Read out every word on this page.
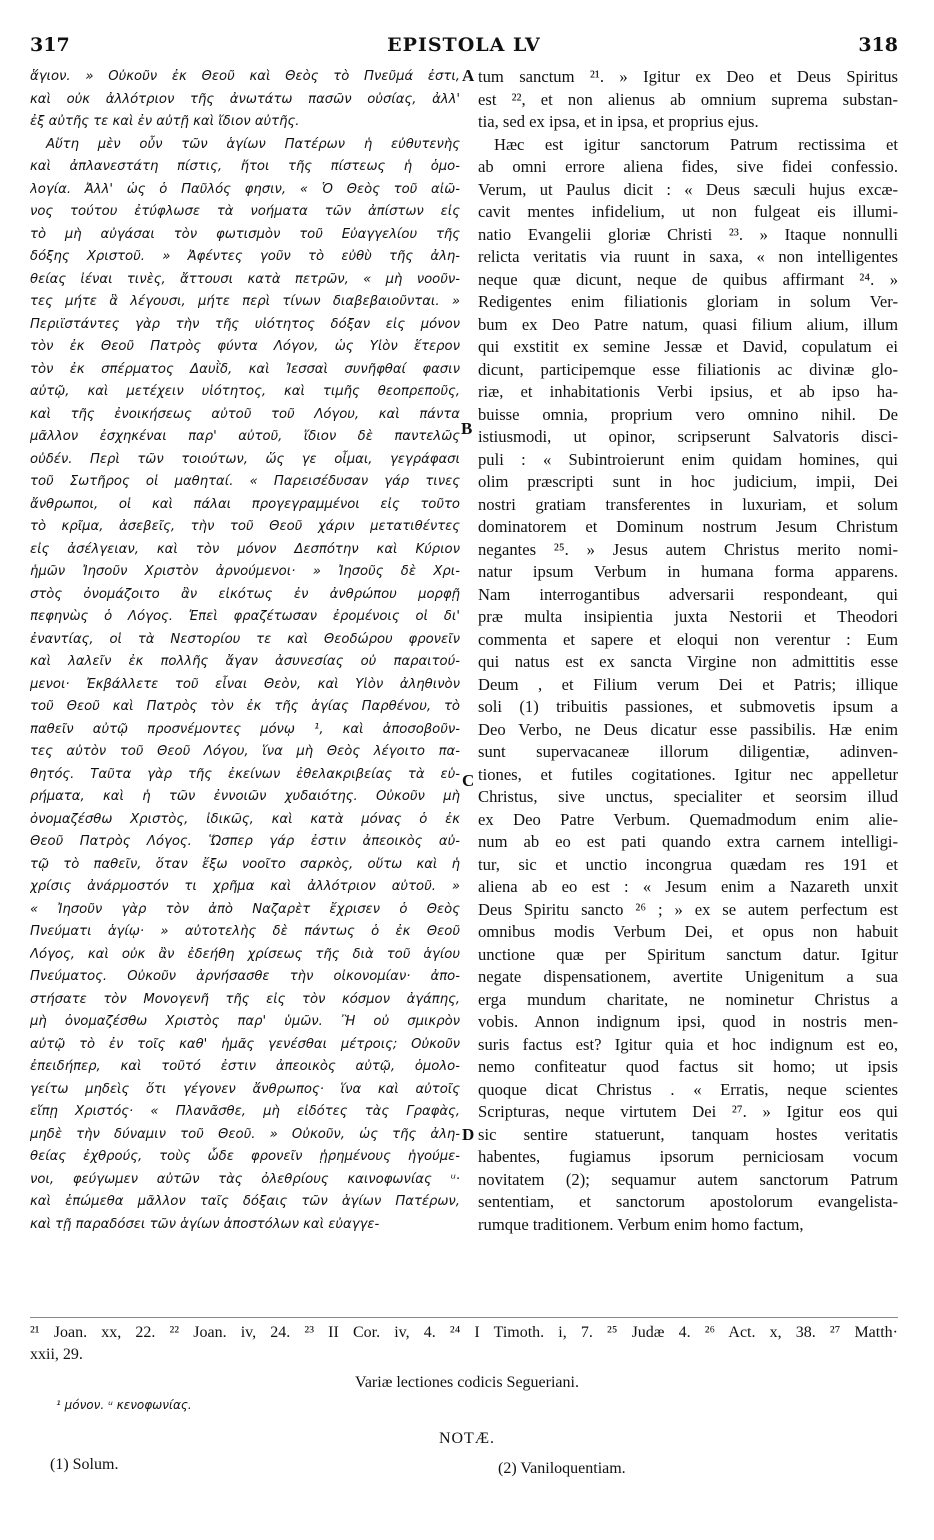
EPISTOLA LV
317	318
ἅγιον. » Οὐκοῦν ἐκ Θεοῦ καὶ Θεὸς τὸ Πνεῦμά ἐστι,
καὶ οὐκ ἀλλότριον τῆς ἀνωτάτω πασῶν οὐσίας, ἀλλ'
ἐξ αὐτῆς τε καὶ ἐν αὐτῇ καὶ ἴδιον αὐτῆς.
Αὕτη μὲν οὖν τῶν ἁγίων Πατέρων ἡ εὐθυτενὴς
καὶ ἀπλανεστάτη πίστις, ἤτοι τῆς πίστεως ἡ ὁμο-
λογία. Ἀλλ' ὡς ὁ Παῦλός φησιν, « Ὁ Θεὸς τοῦ αἰῶ-
νος τούτου ἐτύφλωσε τὰ νοήματα τῶν ἀπίστων εἰς
τὸ μὴ αὐγάσαι τὸν φωτισμὸν τοῦ Εὐαγγελίου τῆς
δόξης Χριστοῦ. » Ἀφέντες γοῦν τὸ εὐθὺ τῆς ἀλη-
θείας ἰέναι τινὲς, ἄττουσι κατὰ πετρῶν, « μὴ νοοῦν-
τες μήτε ἃ λέγουσι, μήτε περὶ τίνων διαβεβαιοῦνται. »
Περιϊστάντες γὰρ τὴν τῆς υἱότητος δόξαν εἰς μόνον
τὸν ἐκ Θεοῦ Πατρὸς φύντα Λόγον, ὡς Υἱὸν ἕτερον
τὸν ἐκ σπέρματος Δαυῒδ, καὶ Ἰεσσαὶ συνῆφθαί φασιν
αὐτῷ, καὶ μετέχειν υἱότητος, καὶ τιμῆς θεοπρεποῦς,
καὶ τῆς ἐνοικήσεως αὐτοῦ τοῦ Λόγου, καὶ πάντα
μᾶλλον ἐσχηκέναι παρ' αὐτοῦ, ἴδιον δὲ παντελῶς
οὐδέν. Περὶ τῶν τοιούτων, ὥς γε οἶμαι, γεγράφασι
τοῦ Σωτῆρος οἱ μαθηταί. « Παρεισέδυσαν γάρ τινες
ἄνθρωποι, οἱ καὶ πάλαι προγεγραμμένοι εἰς τοῦτο
τὸ κρῖμα, ἀσεβεῖς, τὴν τοῦ Θεοῦ χάριν μετατιθέντες
εἰς ἀσέλγειαν, καὶ τὸν μόνον Δεσπότην καὶ Κύριον
ἡμῶν Ἰησοῦν Χριστὸν ἀρνούμενοι· » Ἰησοῦς δὲ Χρι-
στὸς ὀνομάζοιτο ἂν εἰκότως ἐν ἀνθρώπου μορφῇ
πεφηνὼς ὁ Λόγος. Ἐπεὶ φραζέτωσαν ἐρομένοις οἱ δι'
ἐναντίας, οἱ τὰ Νεστορίου τε καὶ Θεοδώρου φρονεῖν
καὶ λαλεῖν ἐκ πολλῆς ἄγαν ἀσυνεσίας οὐ παραιτού-
μενοι· Ἐκβάλλετε τοῦ εἶναι Θεὸν, καὶ Υἱὸν ἀληθινὸν
τοῦ Θεοῦ καὶ Πατρὸς τὸν ἐκ τῆς ἁγίας Παρθένου, τὸ
παθεῖν αὐτῷ προσνέμοντες μόνῳ ¹, καὶ ἀποσοβοῦν-
τες αὐτὸν τοῦ Θεοῦ Λόγου, ἵνα μὴ Θεὸς λέγοιτο πα-
θητός. Ταῦτα γὰρ τῆς ἐκείνων ἐθελακριβείας τὰ εὑ-
ρήματα, καὶ ἡ τῶν ἐννοιῶν χυδαιότης. Οὐκοῦν μὴ
ὀνομαζέσθω Χριστὸς, ἰδικῶς, καὶ κατὰ μόνας ὁ ἐκ
Θεοῦ Πατρὸς Λόγος. Ὥσπερ γάρ ἐστιν ἀπεοικὸς αὐ-
τῷ τὸ παθεῖν, ὅταν ἔξω νοοῖτο σαρκὸς, οὕτω καὶ ἡ
χρίσις ἀνάρμοστόν τι χρῆμα καὶ ἀλλότριον αὐτοῦ. »
« Ἰησοῦν γὰρ τὸν ἀπὸ Ναζαρὲτ ἔχρισεν ὁ Θεὸς
Πνεύματι ἁγίῳ· » αὐτοτελὴς δὲ πάντως ὁ ἐκ Θεοῦ
Λόγος, καὶ οὐκ ἂν ἐδεήθη χρίσεως τῆς διὰ τοῦ ἁγίου
Πνεύματος. Οὐκοῦν ἀρνήσασθε τὴν οἰκονομίαν· ἀπο-
στήσατε τὸν Μονογενῆ τῆς εἰς τὸν κόσμον ἀγάπης,
μὴ ὀνομαζέσθω Χριστὸς παρ' ὑμῶν. Ἢ οὐ σμικρὸν
αὐτῷ τὸ ἐν τοῖς καθ' ἡμᾶς γενέσθαι μέτροις; Οὐκοῦν
ἐπειδήπερ, καὶ τοῦτό ἐστιν ἀπεοικὸς αὐτῷ, ὁμολο-
γείτω μηδεὶς ὅτι γέγονεν ἄνθρωπος· ἵνα καὶ αὐτοῖς
εἴπῃ Χριστός· « Πλανᾶσθε, μὴ εἰδότες τὰς Γραφὰς,
μηδὲ τὴν δύναμιν τοῦ Θεοῦ. » Οὐκοῦν, ὡς τῆς ἀλη-
θείας ἐχθρούς, τοὺς ὧδε φρονεῖν ᾑρημένους ἡγούμε-
νοι, φεύγωμεν αὐτῶν τὰς ὀλεθρίους καινοφωνίας ᵘ·
καὶ ἑπώμεθα μᾶλλον ταῖς δόξαις τῶν ἁγίων Πατέρων,
καὶ τῇ παραδόσει τῶν ἁγίων ἀποστόλων καὶ εὐαγγε-
tum sanctum ²¹. » Igitur ex Deo et Deus Spiritus
est ²², et non alienus ab omnium suprema substan-
tia, sed ex ipsa, et in ipsa, et proprius ejus.
Hæc est igitur sanctorum Patrum rectissima et
ab omni errore aliena fides, sive fidei confessio.
Verum, ut Paulus dicit : « Deus sæculi hujus excæ-
cavit mentes infidelium, ut non fulgeat eis illumi-
natio Evangelii gloriæ Christi ²³. » Itaque nonnulli
relicta veritatis via ruunt in saxa, « non intelligentes
neque quæ dicunt, neque de quibus affirmant ²⁴. »
Redigentes enim filiationis gloriam in solum Ver-
bum ex Deo Patre natum, quasi filium alium, illum
qui exstitit ex semine Jessæ et David, copulatum ei
dicunt, participemque esse filiationis ac divinæ glo-
riæ, et inhabitationis Verbi ipsius, et ab ipso ha-
buisse omnia, proprium vero omnino nihil. De
istiusmodi, ut opinor, scripserunt Salvatoris disci-
puli : « Subintroierunt enim quidam homines, qui
olim præscripti sunt in hoc judicium, impii, Dei
nostri gratiam transferentes in luxuriam, et solum
dominatorem et Dominum nostrum Jesum Christum
negantes ²⁵. » Jesus autem Christus merito nomi-
natur ipsum Verbum in humana forma apparens.
Nam interrogantibus adversarii respondeant, qui
præ multa insipientia juxta Nestorii et Theodori
commenta et sapere et eloqui non verentur : Eum
qui natus est ex sancta Virgine non admittitis esse
Deum , et Filium verum Dei et Patris; illique
soli (1) tribuitis passiones, et submovetis ipsum a
Deo Verbo, ne Deus dicatur esse passibilis. Hæ enim
sunt supervacaneæ illorum diligentiæ, adinven-
tiones, et futiles cogitationes. Igitur nec appelletur
Christus, sive unctus, specialiter et seorsim illud
ex Deo Patre Verbum. Quemadmodum enim alie-
num ab eo est pati quando extra carnem intelligi-
tur, sic et unctio incongrua quædam res 191 et
aliena ab eo est : « Jesum enim a Nazareth unxit
Deus Spiritu sancto ²⁶ ; » ex se autem perfectum est
omnibus modis Verbum Dei, et opus non habuit
unctione quæ per Spiritum sanctum datur. Igitur
negate dispensationem, avertite Unigenitum a sua
erga mundum charitate, ne nominetur Christus a
vobis. Annon indignum ipsi, quod in nostris men-
suris factus est? Igitur quia et hoc indignum est eo,
nemo confiteatur quod factus sit homo; ut ipsis
quoque dicat Christus . « Erratis, neque scientes
Scripturas, neque virtutem Dei ²⁷. » Igitur eos qui
sic sentire statuerunt, tanquam hostes veritatis
habentes, fugiamus ipsorum perniciosam vocum
novitatem (2); sequamur autem sanctorum Patrum
sententiam, et sanctorum apostolorum evangelista-
rumque traditionem. Verbum enim homo factum,
A
B
C
D
²¹ Joan. xx, 22. ²² Joan. iv, 24. ²³ II Cor. iv, 4. ²⁴ I Timoth. i, 7. ²⁵ Judæ 4. ²⁶ Act. x, 38. ²⁷ Matth·
xxii, 29.
Variæ lectiones codicis Segueriani.
¹ μόνον. ᵘ κενοφωνίας.
NOTÆ.
(1) Solum.	(2) Vaniloquentiam.
